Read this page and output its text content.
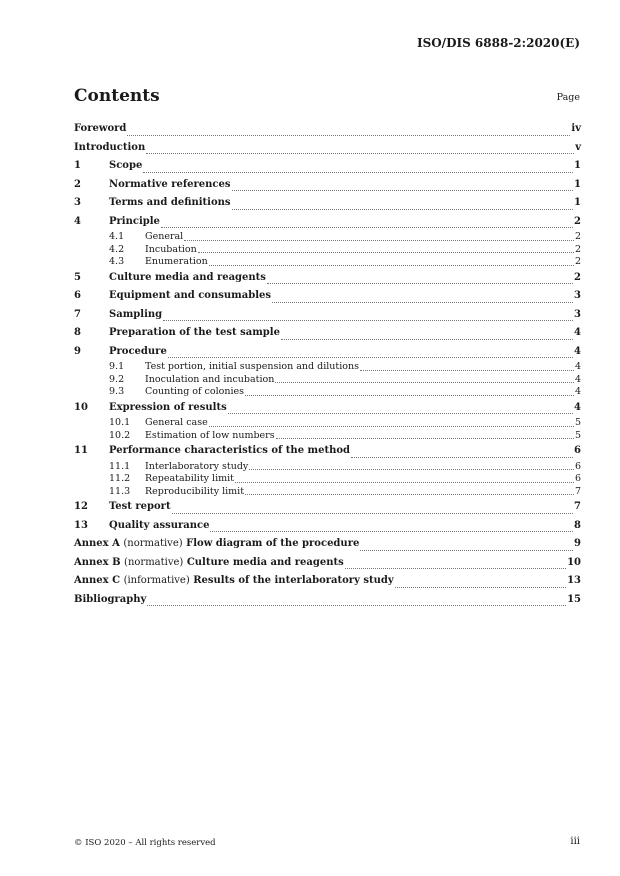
ISO/DIS 6888-2:2020(E)
Contents	Page
Foreword	iv
Introduction	v
1	Scope	1
2	Normative references	1
3	Terms and definitions	1
4	Principle	2
4.1 General	2
4.2 Incubation	2
4.3 Enumeration	2
5	Culture media and reagents	2
6	Equipment and consumables	3
7	Sampling	3
8	Preparation of the test sample	4
9	Procedure	4
9.1 Test portion, initial suspension and dilutions	4
9.2 Inoculation and incubation	4
9.3 Counting of colonies	4
10 Expression of results	4
10.1 General case	5
10.2 Estimation of low numbers	5
11 Performance characteristics of the method	6
11.1 Interlaboratory study	6
11.2 Repeatability limit	6
11.3 Reproducibility limit	7
12 Test report	7
13 Quality assurance	8
Annex A (normative) Flow diagram of the procedure	9
Annex B (normative) Culture media and reagents	10
Annex C (informative) Results of the interlaboratory study	13
Bibliography	15
© ISO 2020 – All rights reserved	iii
